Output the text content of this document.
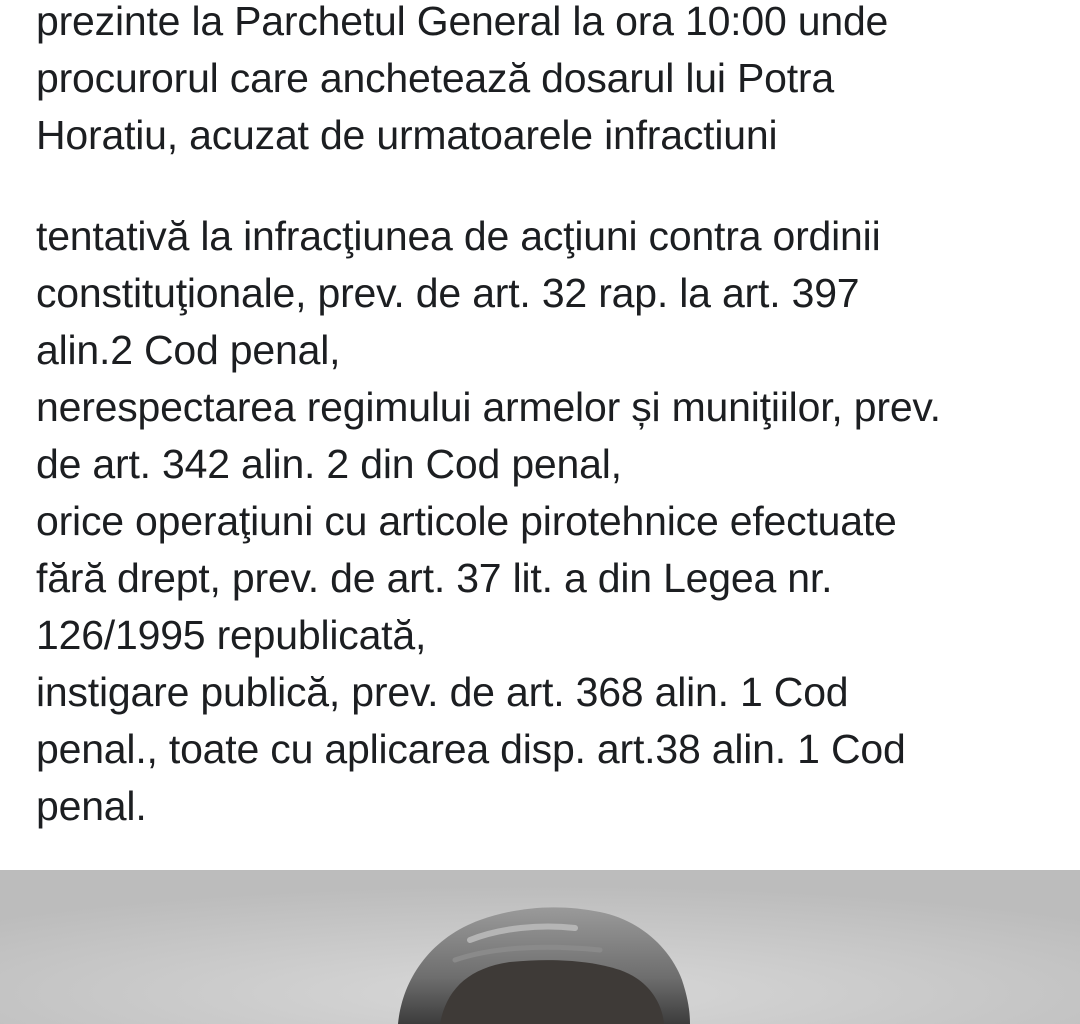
prezinte la Parchetul General la ora 10:00 unde
procurorul care anchetează dosarul lui Potra
Horatiu, acuzat de urmatoarele infractiuni
tentativă la infracţiunea de acţiuni contra ordinii
constituţionale, prev. de art. 32 rap. la art. 397
alin.2 Cod penal,
nerespectarea regimului armelor și muniţiilor, prev.
de art. 342 alin. 2 din Cod penal,
orice operaţiuni cu articole pirotehnice efectuate
fără drept, prev. de art. 37 lit. a din Legea nr.
126/1995 republicată,
instigare publică, prev. de art. 368 alin. 1 Cod
penal., toate cu aplicarea disp. art.38 alin. 1 Cod
penal.
